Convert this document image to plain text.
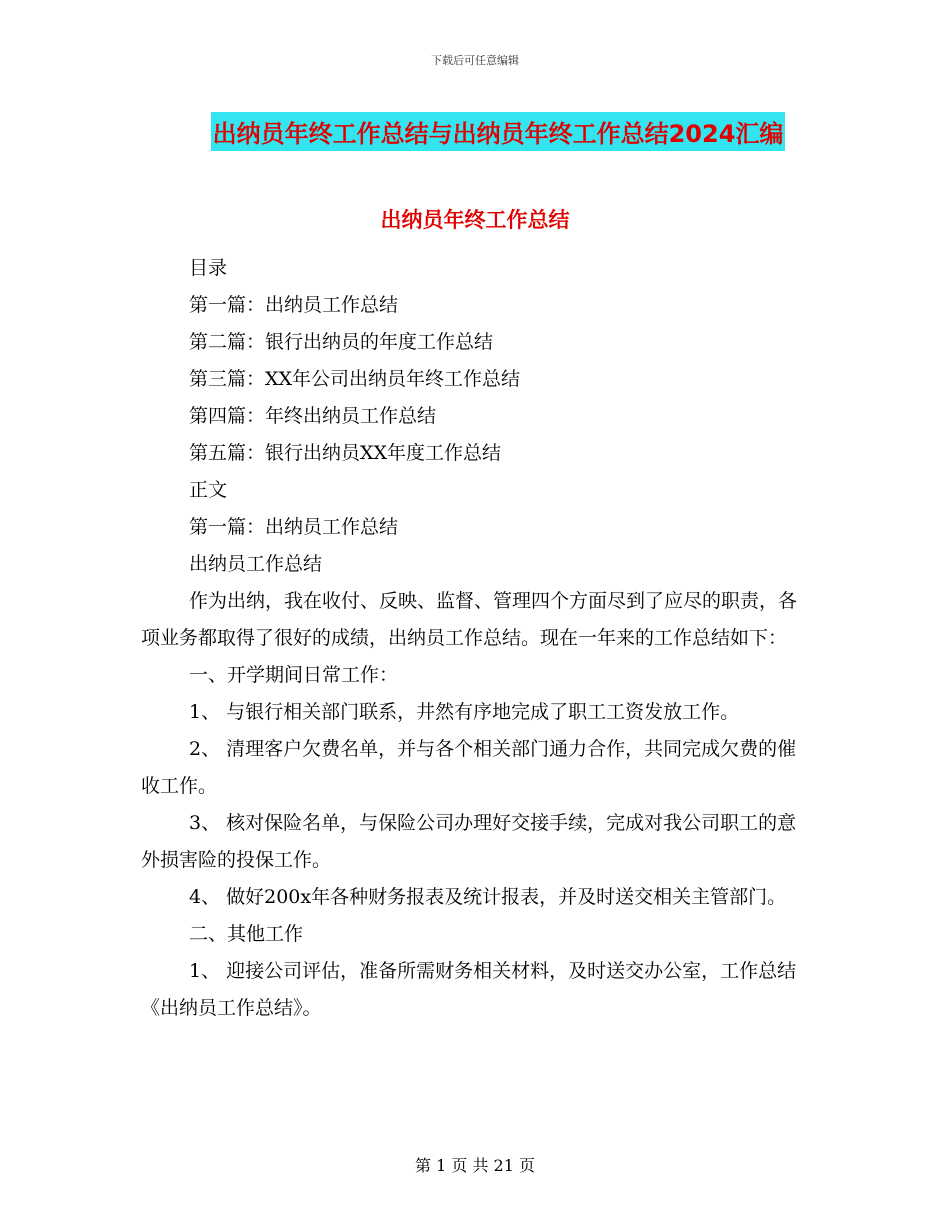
下载后可任意编辑
出纳员年终工作总结与出纳员年终工作总结2024汇编
出纳员年终工作总结
目录
第一篇：出纳员工作总结
第二篇：银行出纳员的年度工作总结
第三篇：XX年公司出纳员年终工作总结
第四篇：年终出纳员工作总结
第五篇：银行出纳员XX年度工作总结
正文
第一篇：出纳员工作总结
出纳员工作总结
作为出纳，我在收付、反映、监督、管理四个方面尽到了应尽的职责，各项业务都取得了很好的成绩，出纳员工作总结。现在一年来的工作总结如下：
一、开学期间日常工作：
1、 与银行相关部门联系，井然有序地完成了职工工资发放工作。
2、 清理客户欠费名单，并与各个相关部门通力合作，共同完成欠费的催收工作。
3、 核对保险名单，与保险公司办理好交接手续，完成对我公司职工的意外损害险的投保工作。
4、 做好200x年各种财务报表及统计报表，并及时送交相关主管部门。
二、其他工作
1、 迎接公司评估，准备所需财务相关材料，及时送交办公室，工作总结《出纳员工作总结》。
第 1 页 共 21 页
